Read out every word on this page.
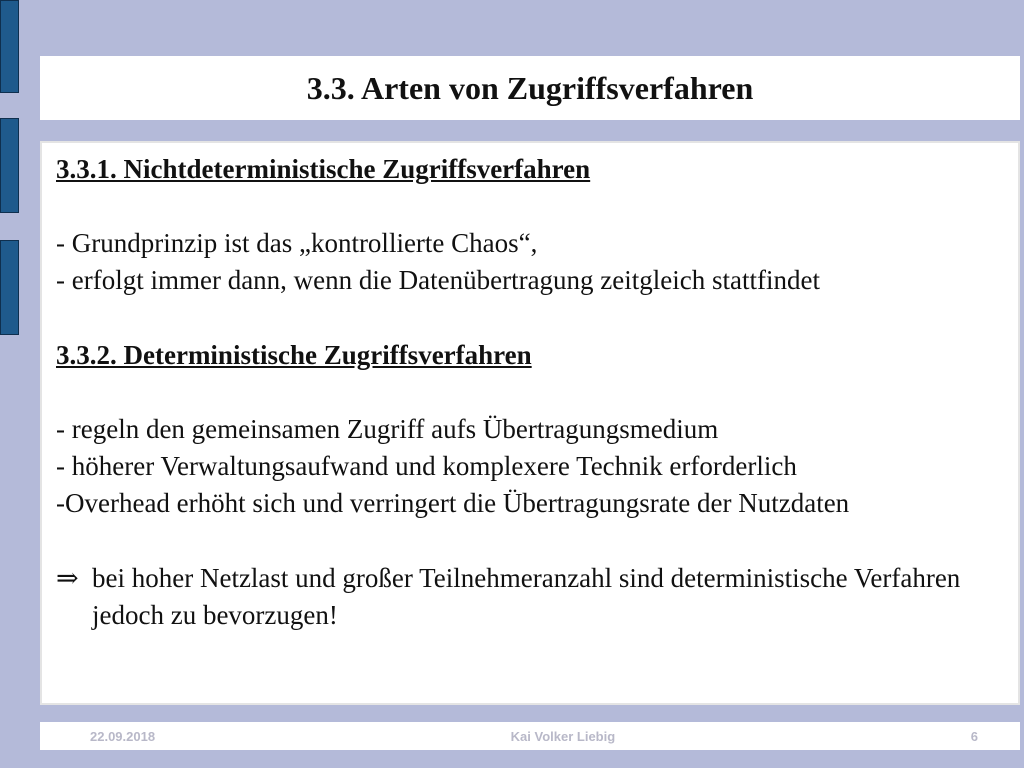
3.3. Arten von Zugriffsverfahren

3.3.1. Nichtdeterministische Zugriffsverfahren

- Grundprinzip ist das „kontrollierte Chaos“,

- erfolgt immer dann, wenn die Datenübertragung zeitgleich stattfindet

3.3.2. Deterministische Zugriffsverfahren

- regeln den gemeinsamen Zugriff aufs Übertragungsmedium

- höherer Verwaltungsaufwand und komplexere Technik erforderlich

-Overhead erhöht sich und verringert die Übertragungsrate der Nutzdaten

⇒ bei hoher Netzlast und großer Teilnehmeranzahl sind deterministische Verfahren jedoch zu bevorzugen!
22.09.2018	Kai Volker Liebig	6
